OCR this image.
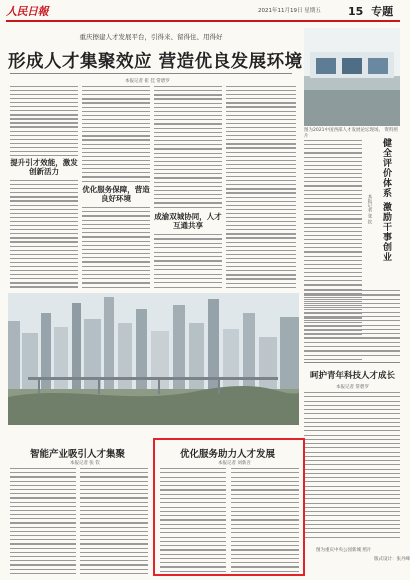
人民日報	2021年11月19日 星期五 15 专题
重庆擦建人才发展平台，引得来、留得住、用得好
形成人才集聚效应 营造优良发展环境
本报记者 崔 佳 常碧罗
提升引才效能，激发创新活力
优化服务保障，营造良好环境
成渝双城协同，人才互通共享
图为2021中国西部人才发展论坛现场。 资料照片
健全评价体系 激励干事创业
本报记者 张 钦
呵护青年科技人才成长
本报记者 常碧罗
图为重庆中央公园新城 照片
版式设计：张丹峰
智能产业吸引人才集聚
本报记者 张 钦
优化服务助力人才发展
本报记者 刘新吾
